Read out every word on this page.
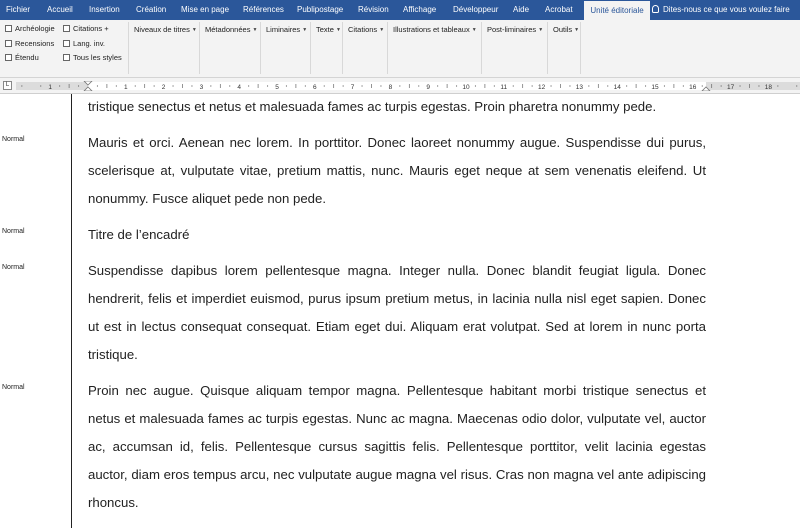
Fichier Accueil Insertion Création Mise en page Références Publipostage Révision Affichage Développeur Aide Acrobat	Unité éditoriale	Dites-nous ce que vous voulez faire
Archéologie
Recensions
Étendu
Citations +
Lang. inv.
Tous les styles
Niveaux de titres ▼ Métadonnées ▼ Liminaires ▼ Texte ▼ Citations ▼ Illustrations et tableaux ▼ Post-liminaires ▼ Outils ▼
L	1	1	2	3	4	5	6	7	8	9	10	11	12	13	14	15	16	17	18
Normal
Normal
Normal
Normal
tristique senectus et netus et malesuada fames ac turpis egestas. Proin pharetra nonummy pede.
Mauris et orci. Aenean nec lorem. In porttitor. Donec laoreet nonummy augue. Suspendisse dui purus, scelerisque at, vulputate vitae, pretium mattis, nunc. Mauris eget neque at sem venenatis eleifend. Ut nonummy. Fusce aliquet pede non pede.
Titre de l’encadré
Suspendisse dapibus lorem pellentesque magna. Integer nulla. Donec blandit feugiat ligula. Donec hendrerit, felis et imperdiet euismod, purus ipsum pretium metus, in lacinia nulla nisl eget sapien. Donec ut est in lectus consequat consequat. Etiam eget dui. Aliquam erat volutpat. Sed at lorem in nunc porta tristique.
Proin nec augue. Quisque aliquam tempor magna. Pellentesque habitant morbi tristique senectus et netus et malesuada fames ac turpis egestas. Nunc ac magna. Maecenas odio dolor, vulputate vel, auctor ac, accumsan id, felis. Pellentesque cursus sagittis felis. Pellentesque porttitor, velit lacinia egestas auctor, diam eros tempus arcu, nec vulputate augue magna vel risus. Cras non magna vel ante adipiscing rhoncus.
